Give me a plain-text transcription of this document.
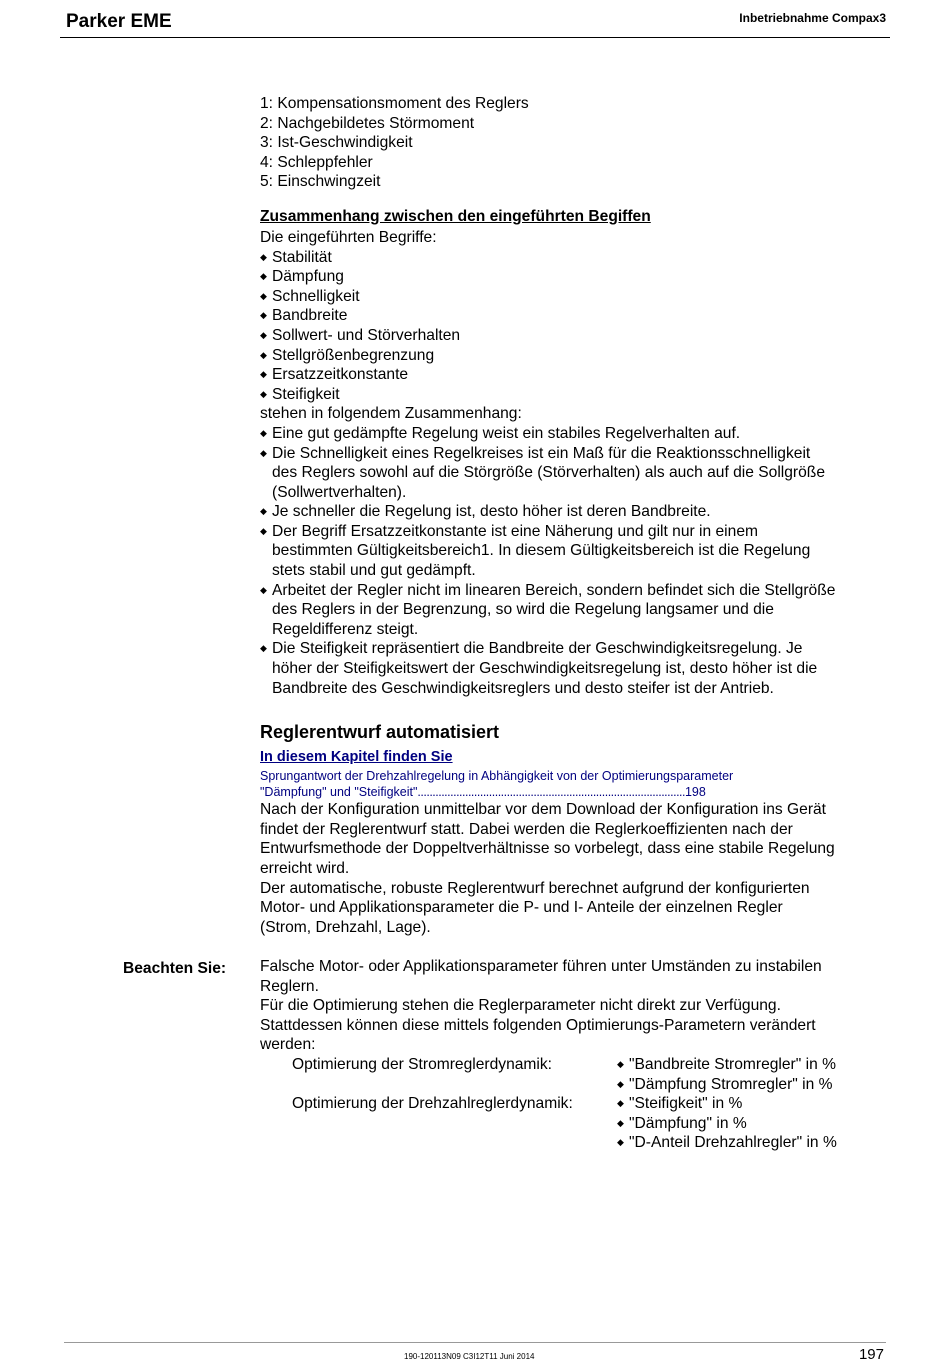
Parker EME	Inbetriebnahme Compax3
1: Kompensationsmoment des Reglers
2: Nachgebildetes Störmoment
3: Ist-Geschwindigkeit
4: Schleppfehler
5: Einschwingzeit
Zusammenhang zwischen den eingeführten Begiffen
Die eingeführten Begriffe:
◆ Stabilität
◆ Dämpfung
◆ Schnelligkeit
◆ Bandbreite
◆ Sollwert- und Störverhalten
◆ Stellgrößenbegrenzung
◆ Ersatzzeitkonstante
◆ Steifigkeit
stehen in folgendem Zusammenhang:
◆ Eine gut gedämpfte Regelung weist ein stabiles Regelverhalten auf.
◆ Die Schnelligkeit eines Regelkreises ist ein Maß für die Reaktionsschnelligkeit
des Reglers sowohl auf die Störgröße (Störverhalten) als auch auf die Sollgröße
(Sollwertverhalten).
◆ Je schneller die Regelung ist, desto höher ist deren Bandbreite.
◆ Der Begriff Ersatzzeitkonstante ist eine Näherung und gilt nur in einem
bestimmten Gültigkeitsbereich1. In diesem Gültigkeitsbereich ist die Regelung
stets stabil und gut gedämpft.
◆ Arbeitet der Regler nicht im linearen Bereich, sondern befindet sich die Stellgröße
des Reglers in der Begrenzung, so wird die Regelung langsamer und die
Regeldifferenz steigt.
◆ Die Steifigkeit repräsentiert die Bandbreite der Geschwindigkeitsregelung. Je
höher der Steifigkeitswert der Geschwindigkeitsregelung ist, desto höher ist die
Bandbreite des Geschwindigkeitsreglers und desto steifer ist der Antrieb.
Reglerentwurf automatisiert
In diesem Kapitel finden Sie
Sprungantwort der Drehzahlregelung in Abhängigkeit von der Optimierungsparameter
"Dämpfung" und "Steifigkeit"..........................................................................................198
Nach der Konfiguration unmittelbar vor dem Download der Konfiguration ins Gerät
findet der Reglerentwurf statt. Dabei werden die Reglerkoeffizienten nach der
Entwurfsmethode der Doppeltverhältnisse so vorbelegt, dass eine stabile Regelung
erreicht wird.
Der automatische, robuste Reglerentwurf berechnet aufgrund der konfigurierten
Motor- und Applikationsparameter die P- und I- Anteile der einzelnen Regler
(Strom, Drehzahl, Lage).
Falsche Motor- oder Applikationsparameter führen unter Umständen zu instabilen
Reglern.
Für die Optimierung stehen die Reglerparameter nicht direkt zur Verfügung.
Stattdessen können diese mittels folgenden Optimierungs-Parametern verändert
werden:
Optimierung der Stromreglerdynamik:	◆ "Bandbreite Stromregler" in %
◆ "Dämpfung Stromregler" in %
Optimierung der Drehzahlreglerdynamik:	◆ "Steifigkeit" in %
◆ "Dämpfung" in %
◆ "D-Anteil Drehzahlregler" in %
Beachten Sie:
190-120113N09 C3I12T11 Juni 2014	197
